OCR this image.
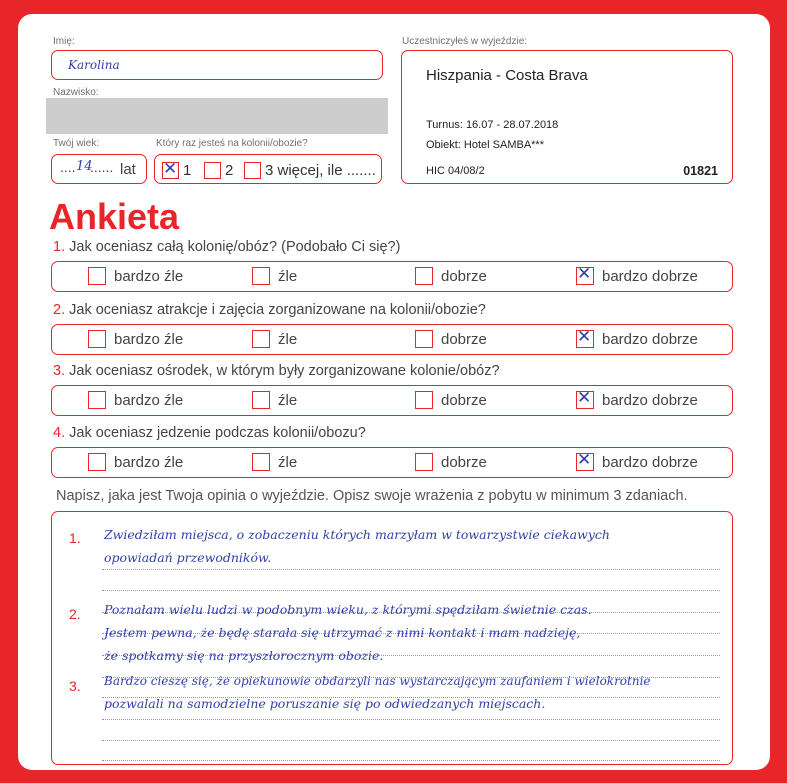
Imię:
Karolina
Nazwisko:
Twój wiek:
.... 14
...... lat
Który raz jesteś na kolonii/obozie?
✕ 1 2 3 więcej, ile .......
Uczestniczyłeś w wyjeździe:
Hiszpania - Costa Brava
Turnus: 16.07 - 28.07.2018
Obiekt: Hotel SAMBA***
HIC 04/08/2	01821
Ankieta
1. Jak oceniasz całą kolonię/obóz? (Podobało Ci się?)
bardzo źle	źle	dobrze	✕ bardzo dobrze
2. Jak oceniasz atrakcje i zajęcia zorganizowane na kolonii/obozie?
bardzo źle	źle	dobrze	✕ bardzo dobrze
3. Jak oceniasz ośrodek, w którym były zorganizowane kolonie/obóz?
bardzo źle	źle	dobrze	✕ bardzo dobrze
4. Jak oceniasz jedzenie podczas kolonii/obozu?
bardzo źle	źle	dobrze	✕ bardzo dobrze
Napisz, jaka jest Twoja opinia o wyjeździe. Opisz swoje wrażenia z pobytu w minimum 3 zdaniach.
1. Zwiedziłam miejsca, o zobaczeniu których marzyłam w towarzystwie ciekawych
opowiadań przewodników.
2. Poznałam wielu ludzi w podobnym wieku, z którymi spędziłam świetnie czas.
Jestem pewna, że będę starała się utrzymać z nimi kontakt i mam nadzieję,
że spotkamy się na przyszłorocznym obozie.
3. Bardzo cieszę się, że opiekunowie obdarzyli nas wystarczającym zaufaniem i wielokrotnie
pozwalali na samodzielne poruszanie się po odwiedzanych miejscach.
